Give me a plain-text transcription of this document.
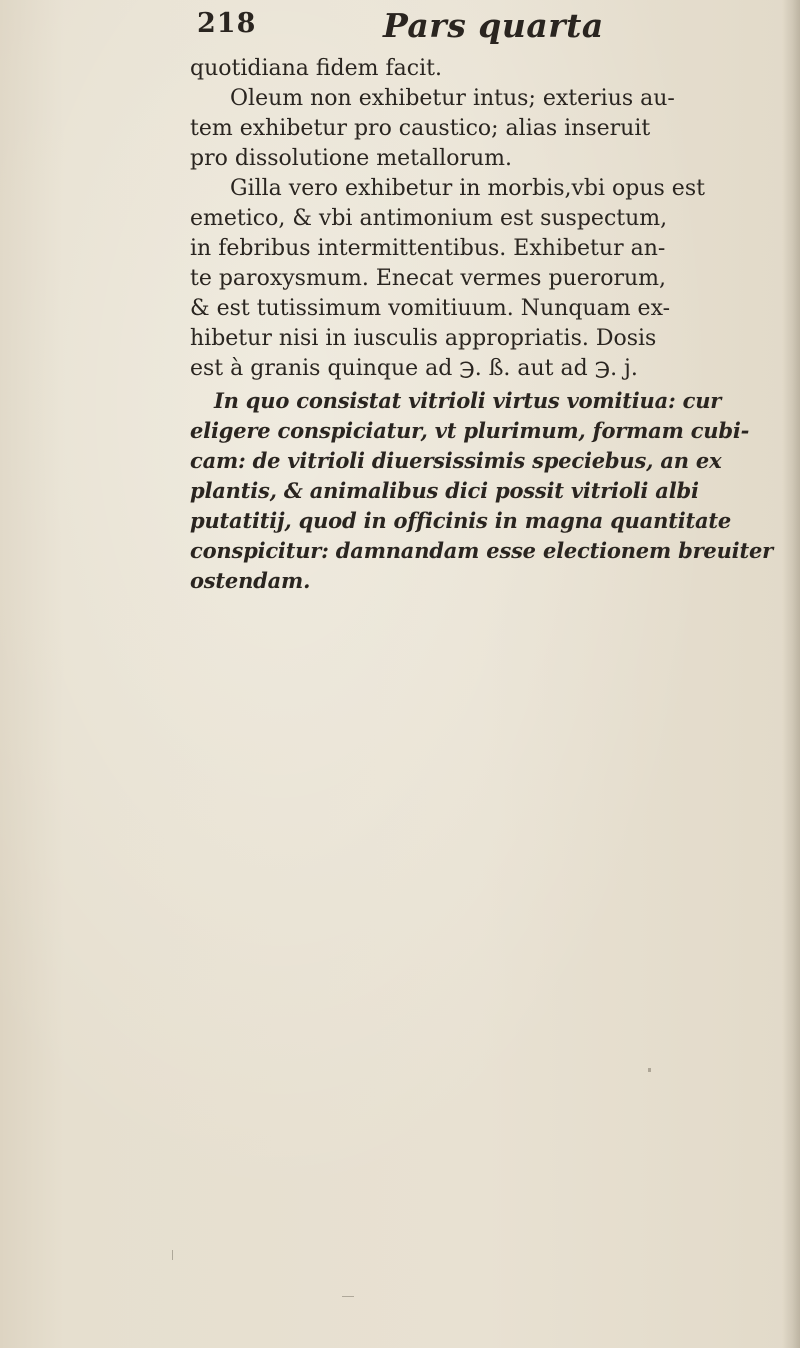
218	Pars quarta
quotidiana fidem facit.
Oleum non exhibetur intus; exterius au-
tem exhibetur pro caustico; alias inseruit
pro dissolutione metallorum.
Gilla vero exhibetur in morbis,vbi opus est
emetico, & vbi antimonium est suspectum,
in febribus intermittentibus. Exhibetur an-
te paroxysmum. Enecat vermes puerorum,
& est tutissimum vomitiuum. Nunquam ex-
hibetur nisi in iusculis appropriatis. Dosis
est à granis quinque ad ℈. ß. aut ad ℈. j.
In quo consistat vitrioli virtus vomitiua: cur
eligere conspiciatur, vt plurimum, formam cubi-
cam: de vitrioli diuersissimis speciebus, an ex
plantis, & animalibus dici possit vitrioli albi
putatitij, quod in officinis in magna quantitate
conspicitur: damnandam esse electionem breuiter
ostendam.
